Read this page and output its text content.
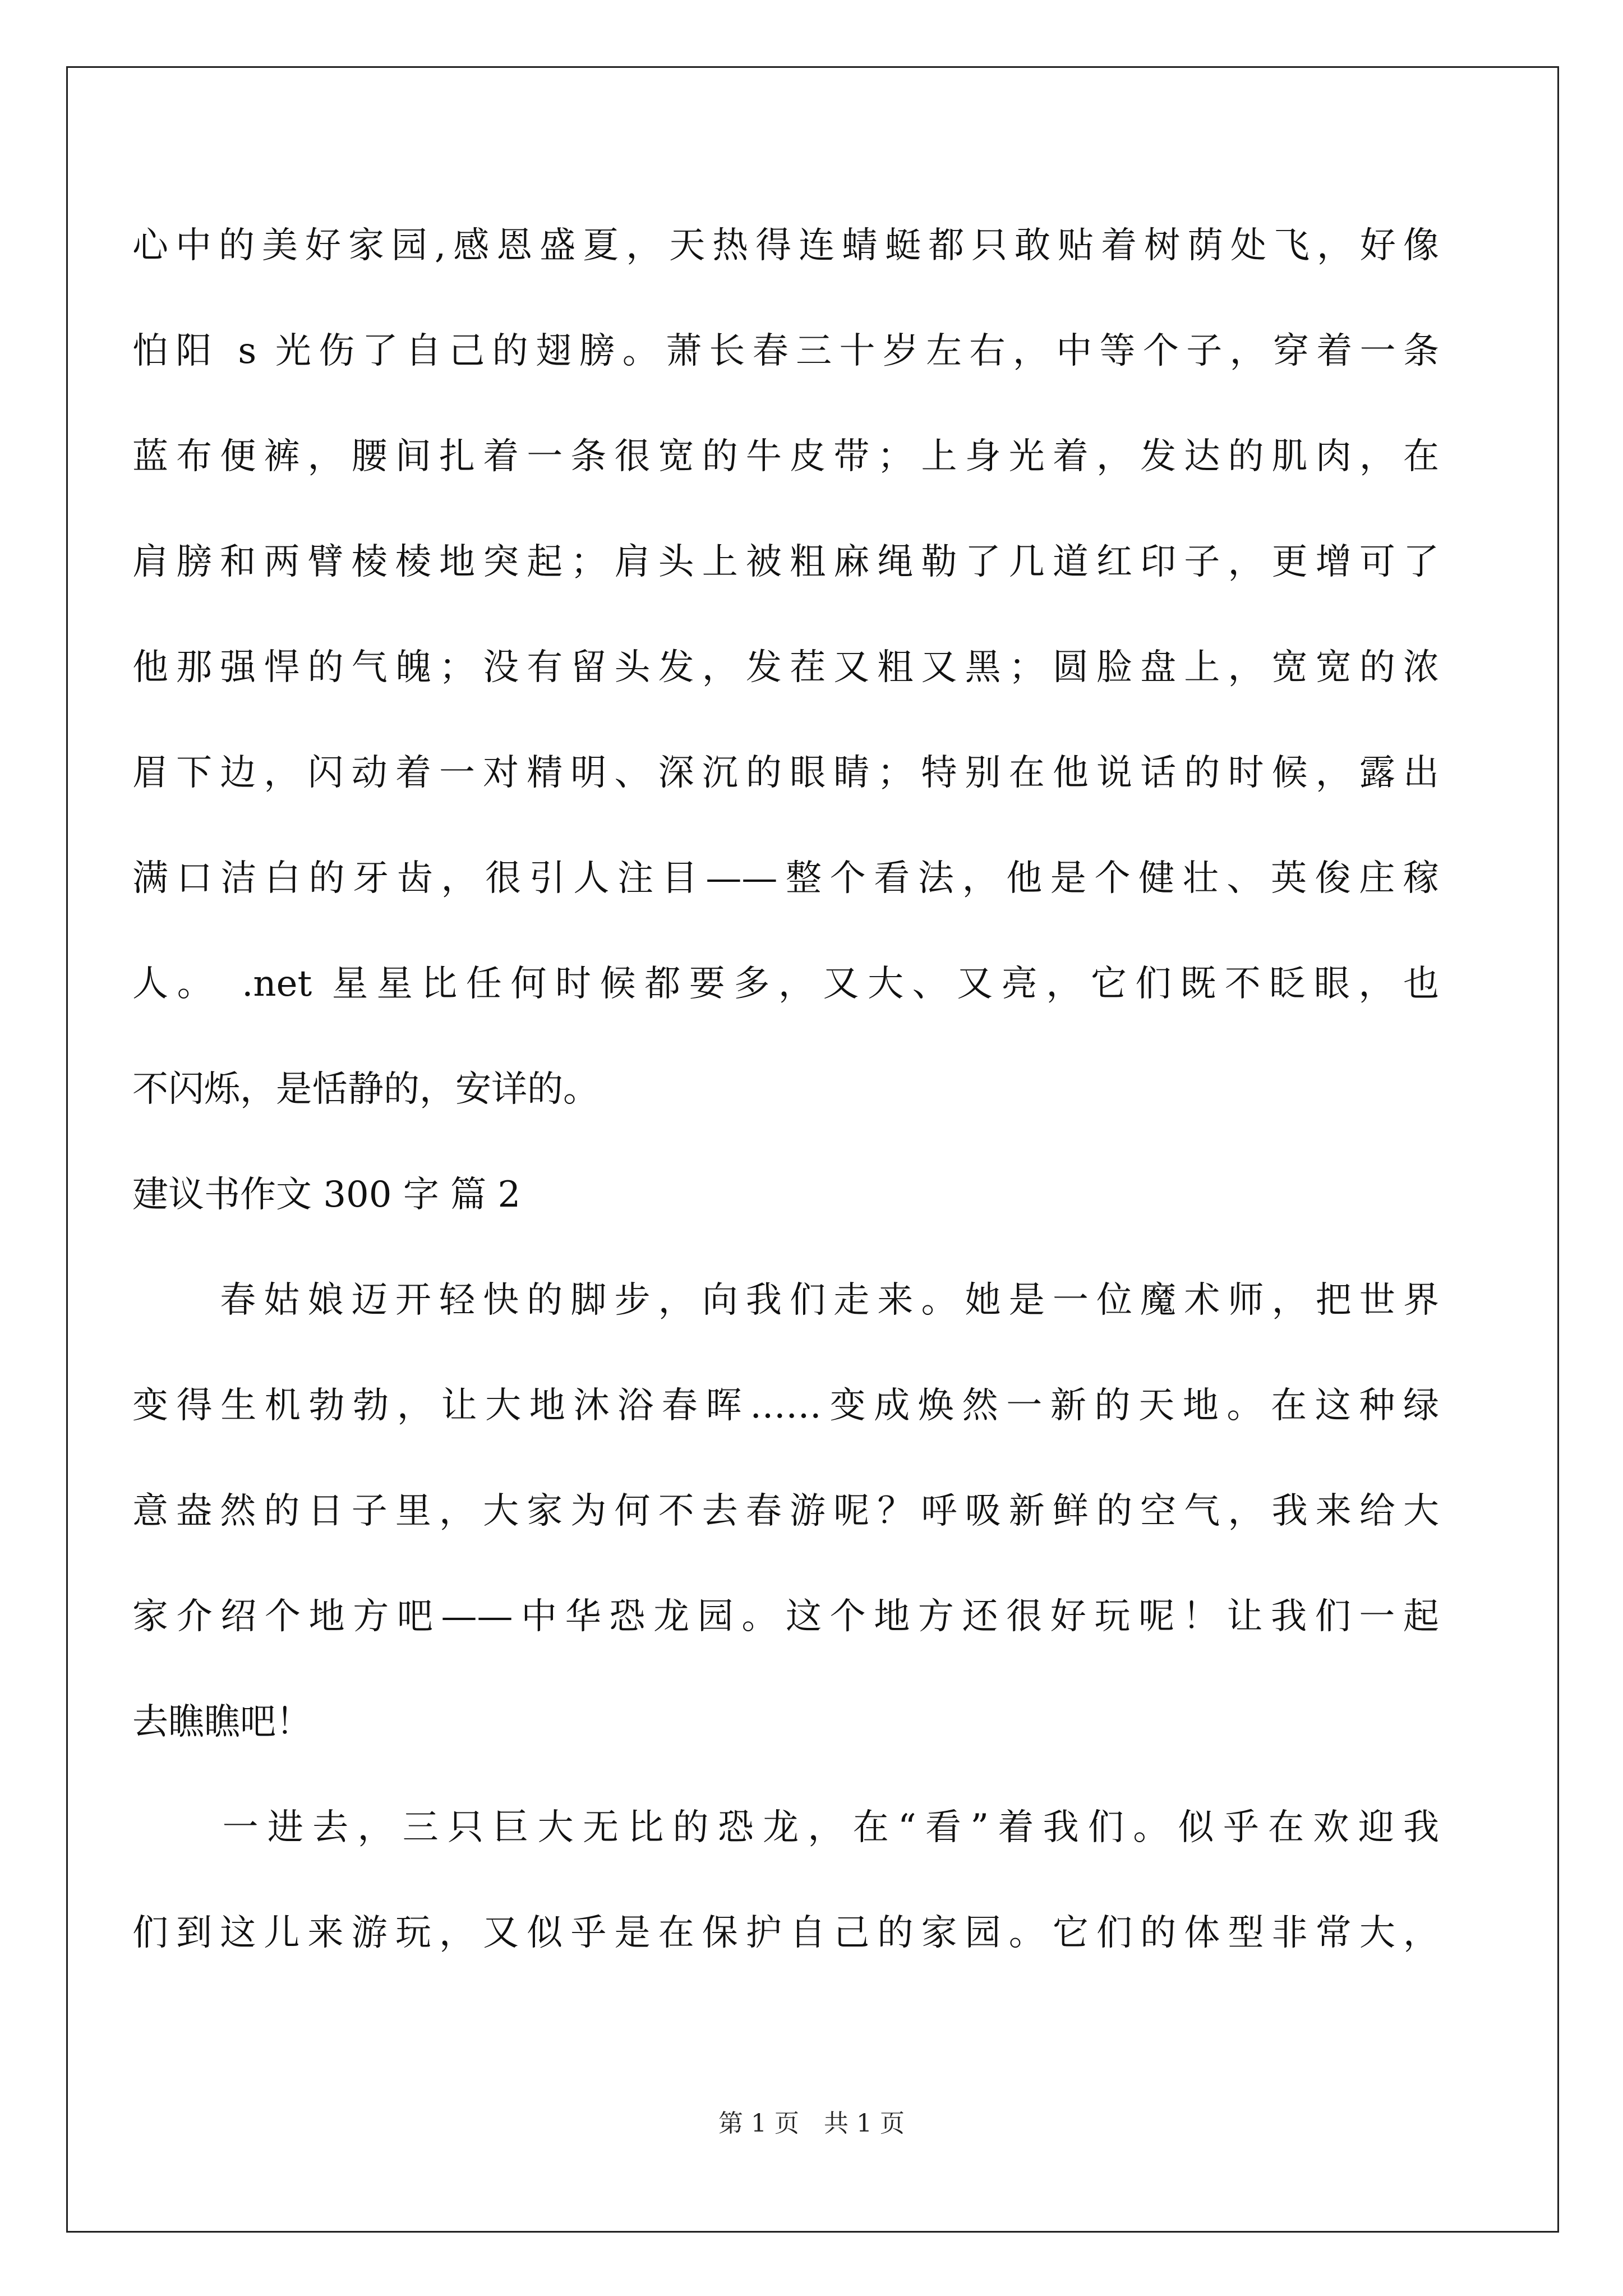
心中的美好家园,感恩盛夏，天热得连蜻蜓都只敢贴着树荫处飞，好像
怕阳 s 光伤了自己的翅膀。萧长春三十岁左右，中等个子，穿着一条
蓝布便裤，腰间扎着一条很宽的牛皮带；上身光着，发达的肌肉，在
肩膀和两臂棱棱地突起；肩头上被粗麻绳勒了几道红印子，更增可了
他那强悍的气魄；没有留头发，发茬又粗又黑；圆脸盘上，宽宽的浓
眉下边，闪动着一对精明、深沉的眼睛；特别在他说话的时候，露出
满口洁白的牙齿，很引人注目——整个看法，他是个健壮、英俊庄稼
人。 .net 星星比任何时候都要多，又大、又亮，它们既不眨眼，也
不闪烁，是恬静的，安详的。
建议书作文 300 字 篇 2
　　春姑娘迈开轻快的脚步，向我们走来。她是一位魔术师，把世界
变得生机勃勃，让大地沐浴春晖……变成焕然一新的天地。在这种绿
意盎然的日子里，大家为何不去春游呢？呼吸新鲜的空气，我来给大
家介绍个地方吧——中华恐龙园。这个地方还很好玩呢！让我们一起
去瞧瞧吧！
　　一进去，三只巨大无比的恐龙，在“看”着我们。似乎在欢迎我
们到这儿来游玩，又似乎是在保护自己的家园。它们的体型非常大，
第 1 页　共 1 页
